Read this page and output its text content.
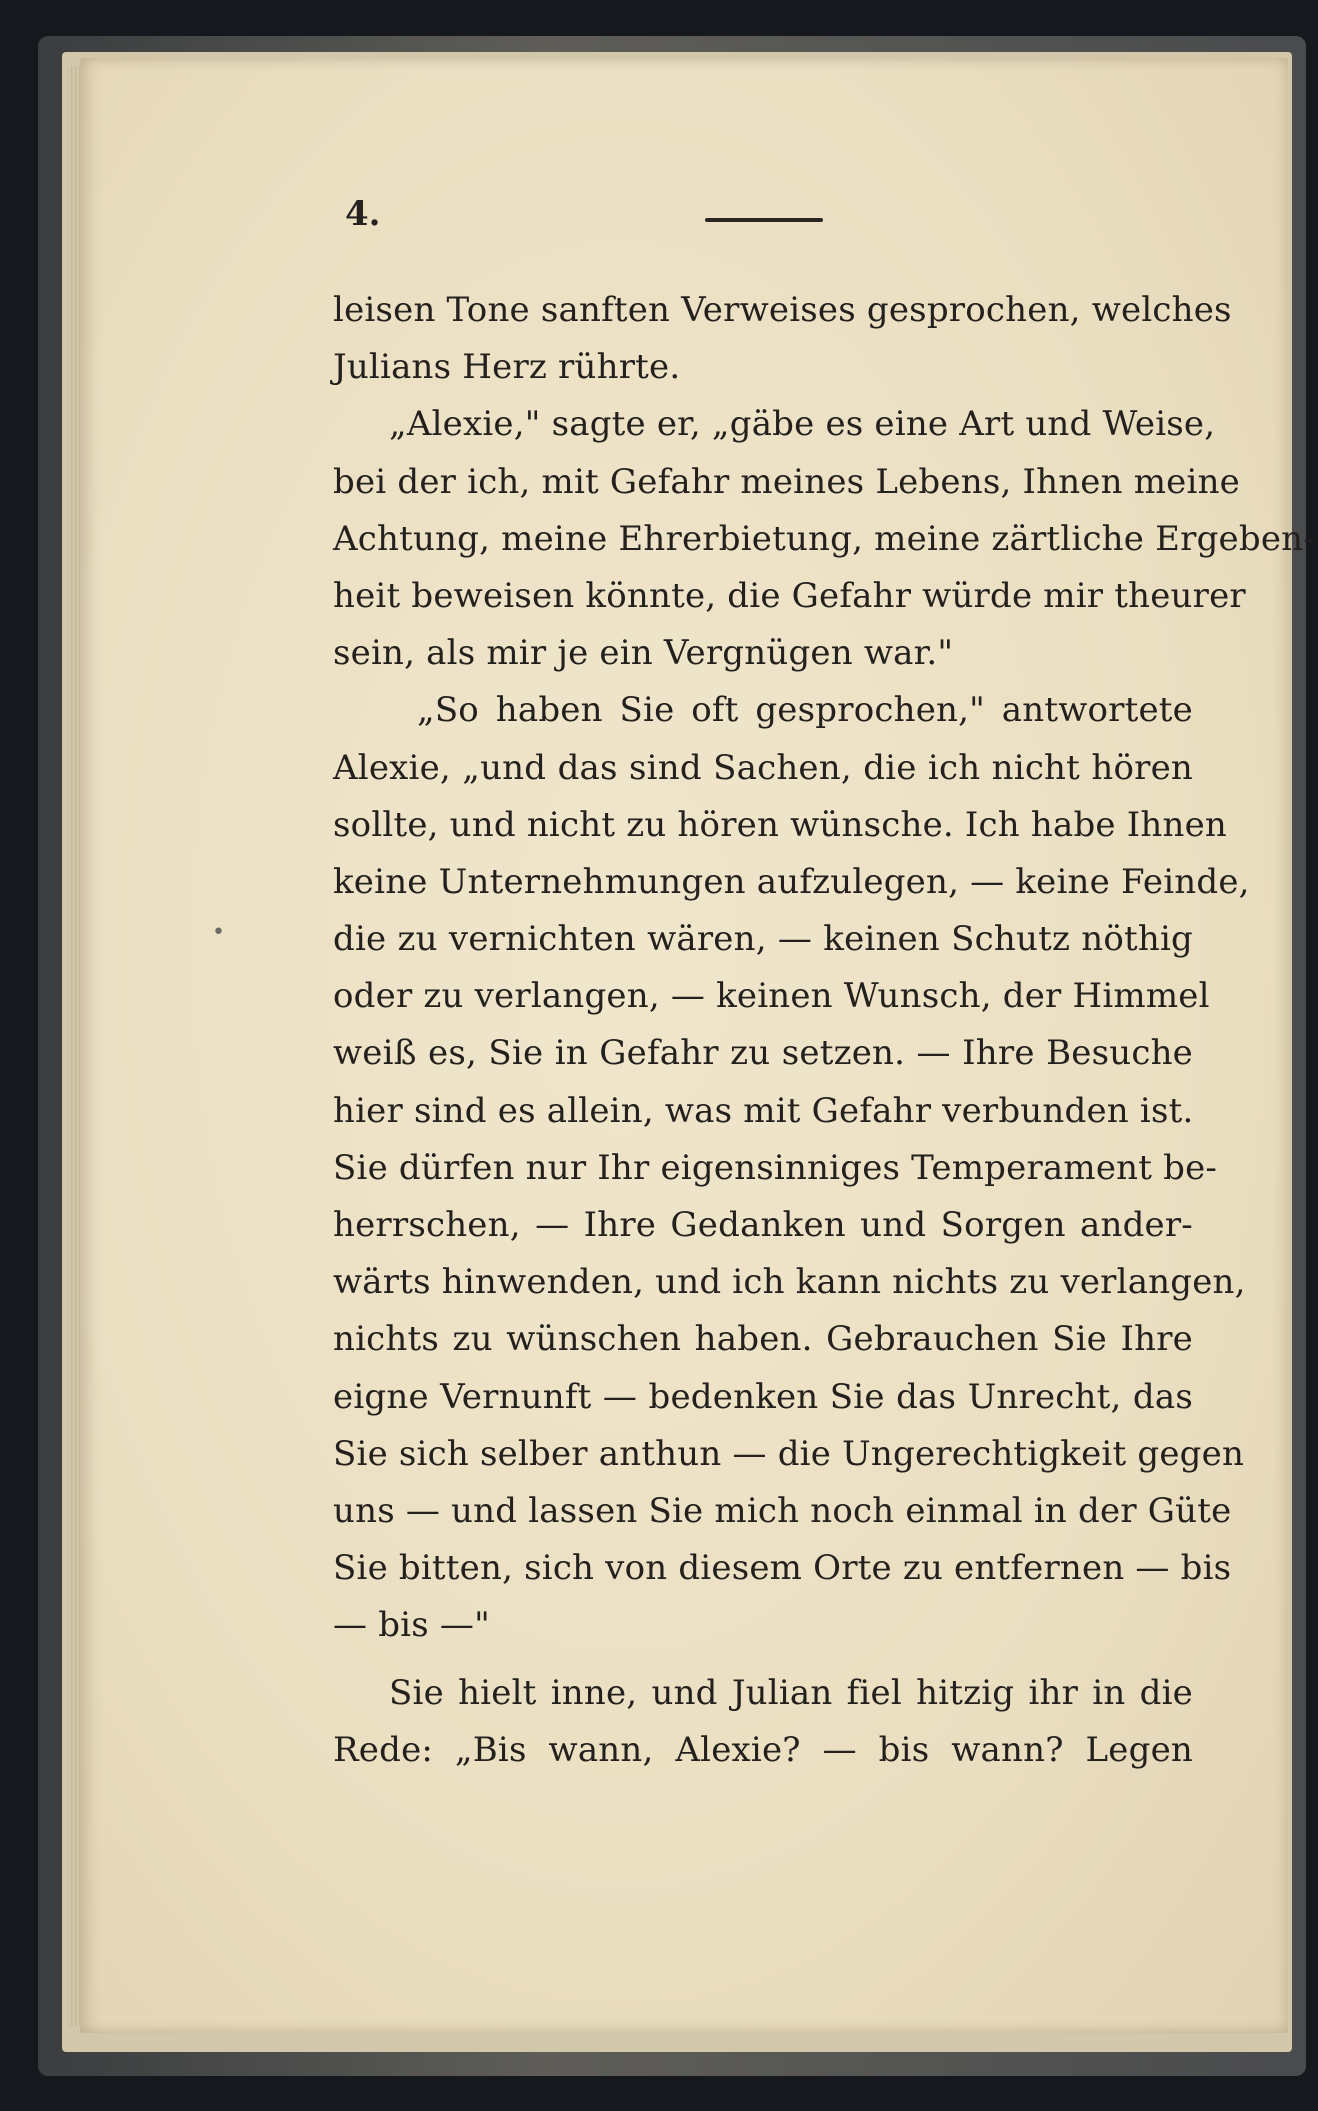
4.
leisen Tone sanften Verweises gesprochen, welches
Julians Herz rührte.
„Alexie," sagte er, „gäbe es eine Art und Weise,
bei der ich, mit Gefahr meines Lebens, Ihnen meine
Achtung, meine Ehrerbietung, meine zärtliche Ergeben-
heit beweisen könnte, die Gefahr würde mir theurer
sein, als mir je ein Vergnügen war."
„So haben Sie oft gesprochen," antwortete
Alexie, „und das sind Sachen, die ich nicht hören
sollte, und nicht zu hören wünsche. Ich habe Ihnen
keine Unternehmungen aufzulegen, — keine Feinde,
die zu vernichten wären, — keinen Schutz nöthig
oder zu verlangen, — keinen Wunsch, der Himmel
weiß es, Sie in Gefahr zu setzen. — Ihre Besuche
hier sind es allein, was mit Gefahr verbunden ist.
Sie dürfen nur Ihr eigensinniges Temperament be-
herrschen, — Ihre Gedanken und Sorgen ander-
wärts hinwenden, und ich kann nichts zu verlangen,
nichts zu wünschen haben. Gebrauchen Sie Ihre
eigne Vernunft — bedenken Sie das Unrecht, das
Sie sich selber anthun — die Ungerechtigkeit gegen
uns — und lassen Sie mich noch einmal in der Güte
Sie bitten, sich von diesem Orte zu entfernen — bis
— bis —"
Sie hielt inne, und Julian fiel hitzig ihr in die
Rede: „Bis wann, Alexie? — bis wann? Legen
•
